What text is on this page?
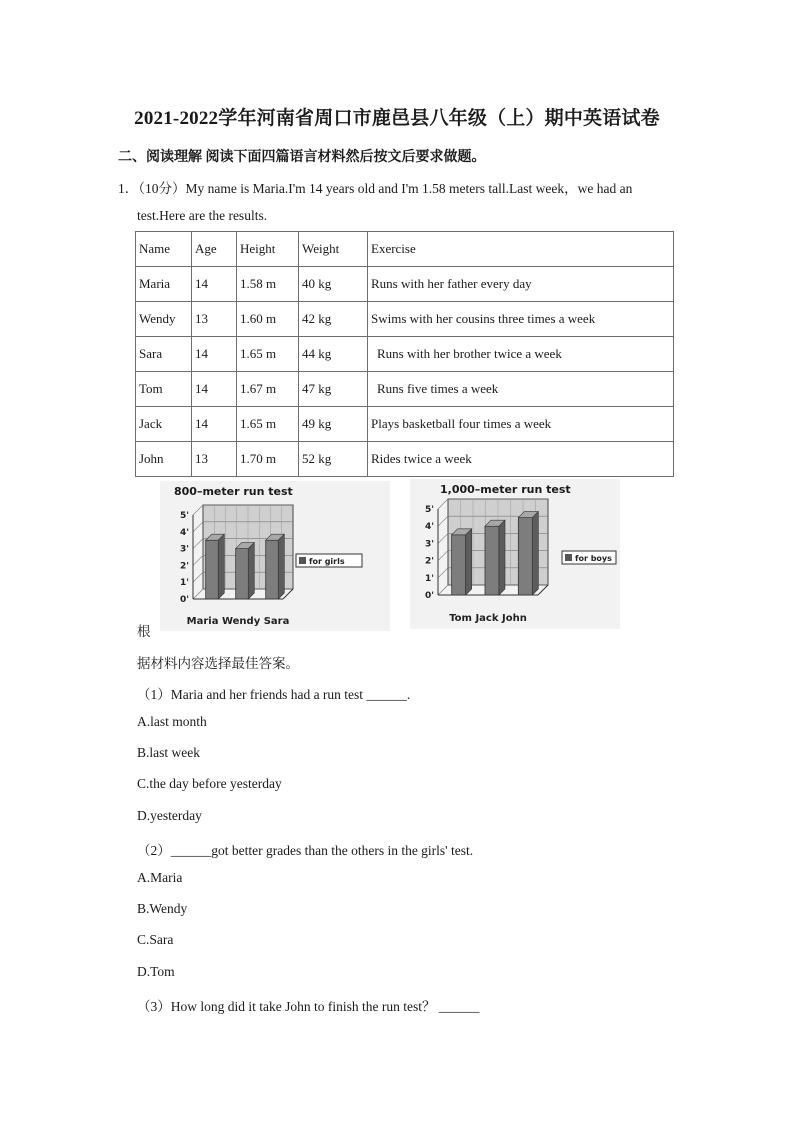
2021-2022学年河南省周口市鹿邑县八年级（上）期中英语试卷
二、阅读理解 阅读下面四篇语言材料然后按文后要求做题。
1．（10分）My name is Maria.I'm 14 years old and I'm 1.58 meters tall.Last week，we had an
test.Here are the results.
Name	Age	Height	Weight	Exercise
Maria	14	1.58 m	40 kg	Runs with her father every day
Wendy	13	1.60 m	42 kg	Swims with her cousins three times a week
Sara	14	1.65 m	44 kg	Runs with her brother twice a week
Tom	14	1.67 m	47 kg	Runs five times a week
Jack	14	1.65 m	49 kg	Plays basketball four times a week
John	13	1.70 m	52 kg	Rides twice a week
800–meter run test
0'
1'
2'
3'
4'
5'
Maria Wendy Sara
for girls
1,000–meter run test
0'
1'
2'
3'
4'
5'
Tom Jack John
for boys
根
据材料内容选择最佳答案。
（1）Maria and her friends had a run test ______.
A.last month
B.last week
C.the day before yesterday
D.yesterday
（2）______got better grades than the others in the girls' test.
A.Maria
B.Wendy
C.Sara
D.Tom
（3）How long did it take John to finish the run test？ ______
